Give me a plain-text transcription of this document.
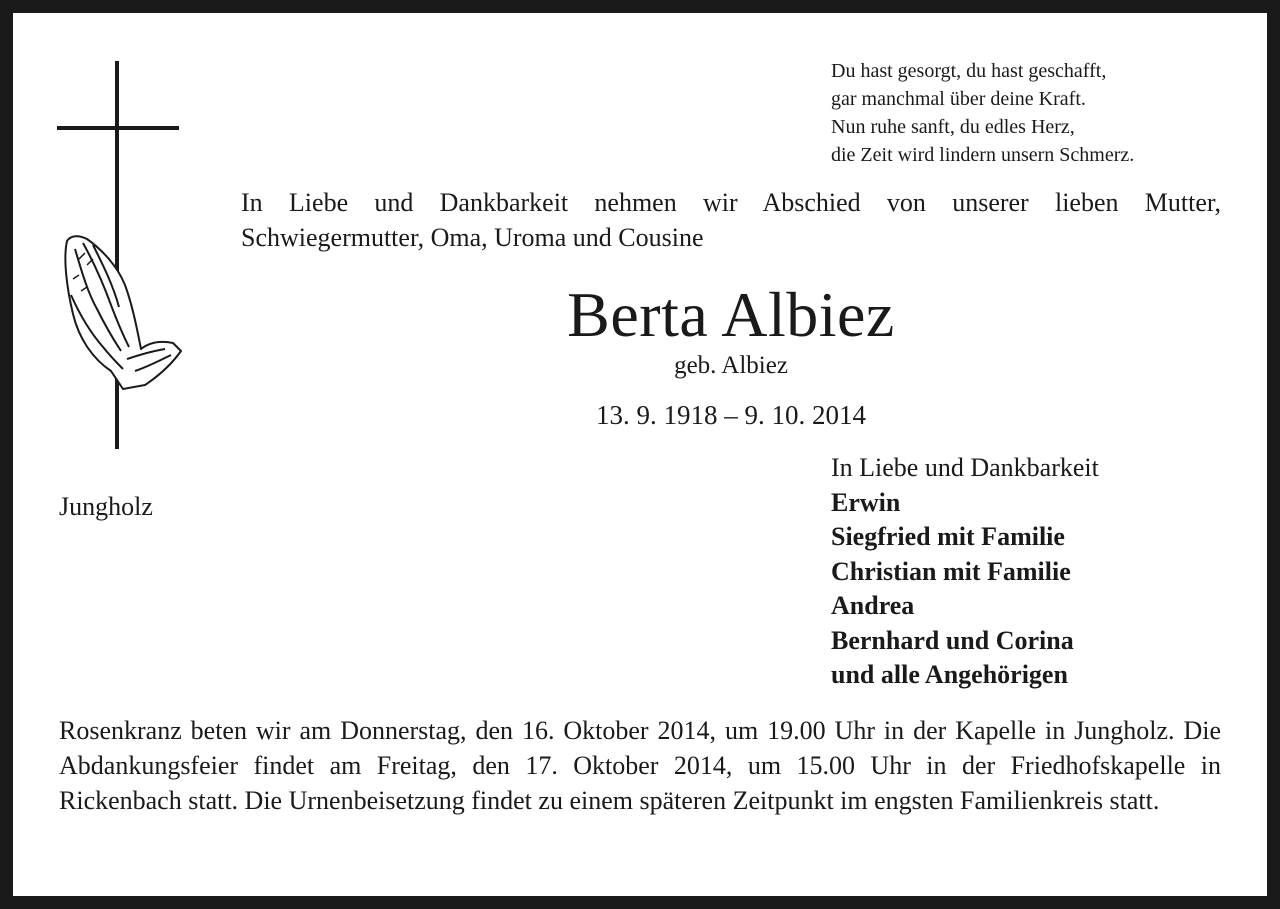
Du hast gesorgt, du hast geschafft,
gar manchmal über deine Kraft.
Nun ruhe sanft, du edles Herz,
die Zeit wird lindern unsern Schmerz.
In Liebe und Dankbarkeit nehmen wir Abschied von unserer lieben Mutter,
Schwiegermutter, Oma, Uroma und Cousine
Berta Albiez
geb. Albiez
13. 9. 1918 – 9. 10. 2014
Jungholz
In Liebe und Dankbarkeit
Erwin
Siegfried mit Familie
Christian mit Familie
Andrea
Bernhard und Corina
und alle Angehörigen
Rosenkranz beten wir am Donnerstag, den 16. Oktober 2014, um 19.00 Uhr in der Kapelle in Jungholz. Die Abdankungsfeier findet am Freitag, den 17. Oktober 2014, um 15.00 Uhr in der Friedhofskapelle in Rickenbach statt. Die Urnenbeisetzung findet zu einem späteren Zeitpunkt im engsten Familienkreis statt.
